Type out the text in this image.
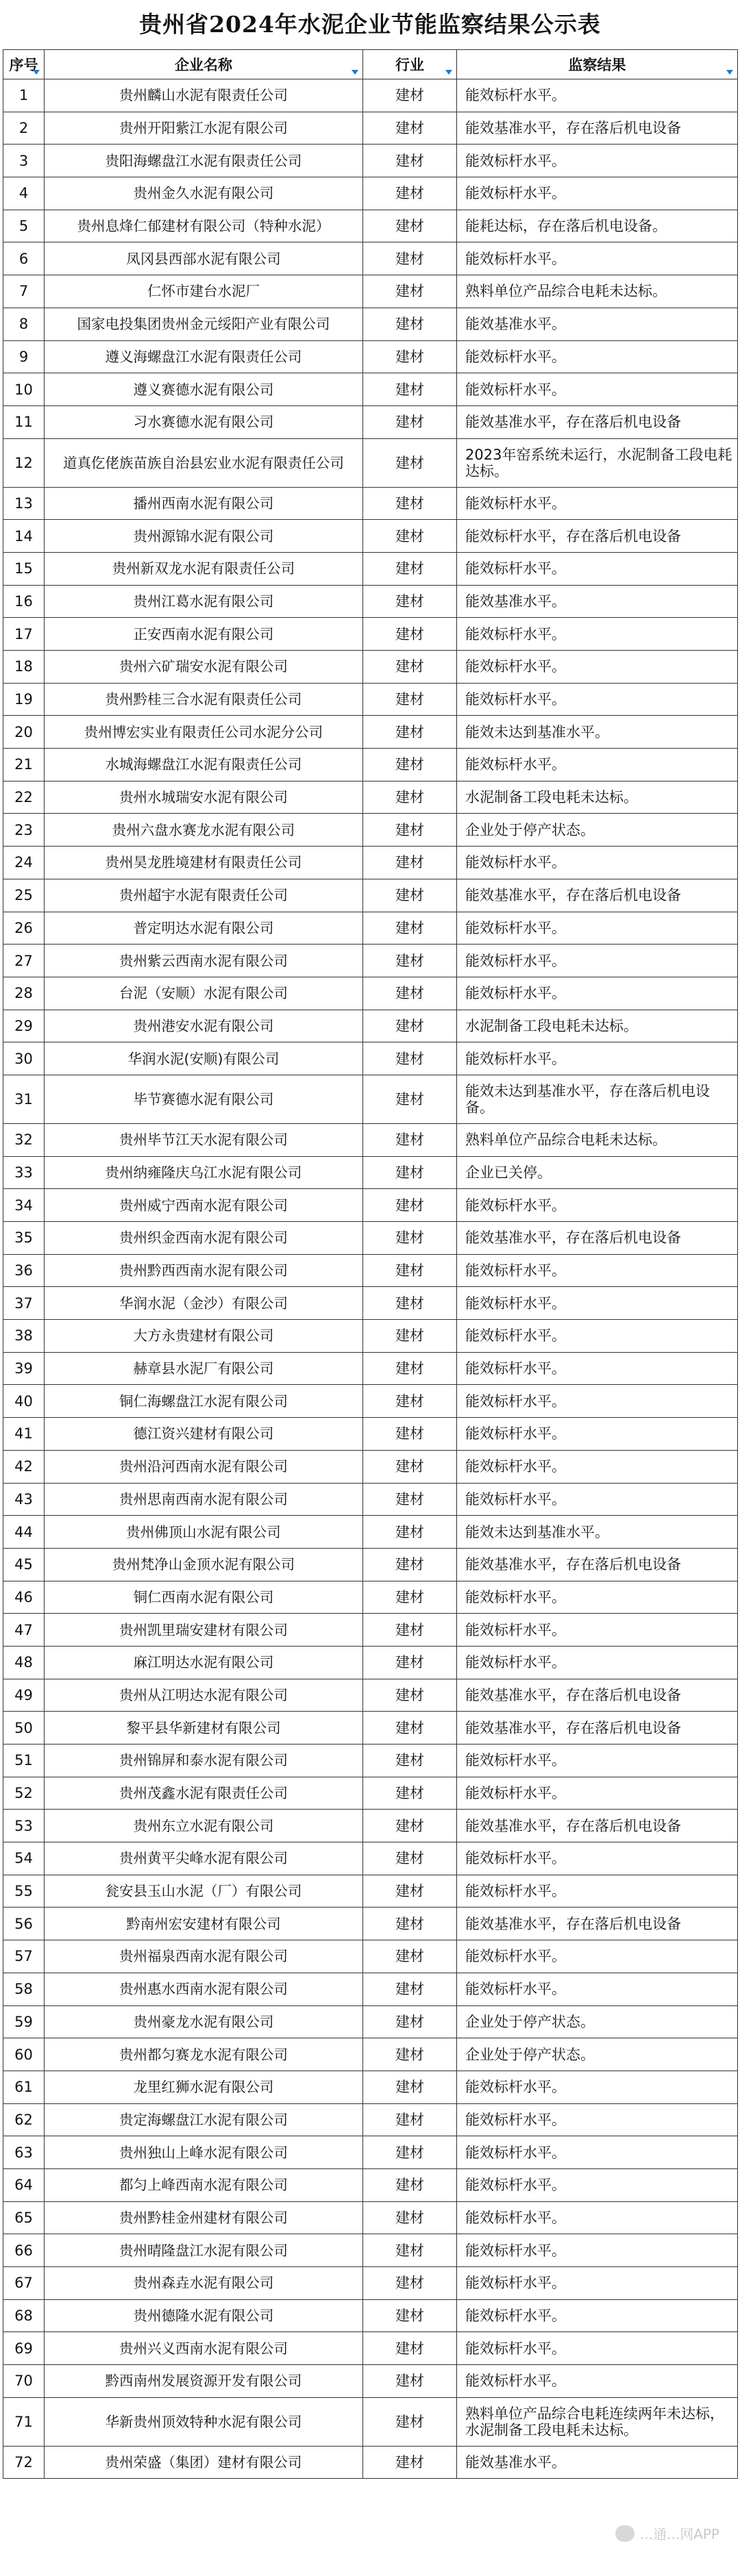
贵州省2024年水泥企业节能监察结果公示表
序号	企业名称	行业	监察结果

1	贵州麟山水泥有限责任公司	建材	能效标杆水平。
2	贵州开阳紫江水泥有限公司	建材	能效基准水平，存在落后机电设备
3	贵阳海螺盘江水泥有限责任公司	建材	能效标杆水平。
4	贵州金久水泥有限公司	建材	能效标杆水平。
5	贵州息烽仁郁建材有限公司（特种水泥）	建材	能耗达标，存在落后机电设备。
6	凤冈县西部水泥有限公司	建材	能效标杆水平。
7	仁怀市建台水泥厂	建材	熟料单位产品综合电耗未达标。
8	国家电投集团贵州金元绥阳产业有限公司	建材	能效基准水平。
9	遵义海螺盘江水泥有限责任公司	建材	能效标杆水平。
10	遵义赛德水泥有限公司	建材	能效标杆水平。
11	习水赛德水泥有限公司	建材	能效基准水平，存在落后机电设备
12	道真仡佬族苗族自治县宏业水泥有限责任公司	建材	2023年窑系统未运行，水泥制备工段电耗达标。
13	播州西南水泥有限公司	建材	能效标杆水平。
14	贵州源锦水泥有限公司	建材	能效标杆水平，存在落后机电设备
15	贵州新双龙水泥有限责任公司	建材	能效标杆水平。
16	贵州江葛水泥有限公司	建材	能效基准水平。
17	正安西南水泥有限公司	建材	能效标杆水平。
18	贵州六矿瑞安水泥有限公司	建材	能效标杆水平。
19	贵州黔桂三合水泥有限责任公司	建材	能效标杆水平。
20	贵州博宏实业有限责任公司水泥分公司	建材	能效未达到基准水平。
21	水城海螺盘江水泥有限责任公司	建材	能效标杆水平。
22	贵州水城瑞安水泥有限公司	建材	水泥制备工段电耗未达标。
23	贵州六盘水赛龙水泥有限公司	建材	企业处于停产状态。
24	贵州昊龙胜境建材有限责任公司	建材	能效标杆水平。
25	贵州超宇水泥有限责任公司	建材	能效基准水平，存在落后机电设备
26	普定明达水泥有限公司	建材	能效标杆水平。
27	贵州紫云西南水泥有限公司	建材	能效标杆水平。
28	台泥（安顺）水泥有限公司	建材	能效标杆水平。
29	贵州港安水泥有限公司	建材	水泥制备工段电耗未达标。
30	华润水泥(安顺)有限公司	建材	能效标杆水平。
31	毕节赛德水泥有限公司	建材	能效未达到基准水平，存在落后机电设备。
32	贵州毕节江天水泥有限公司	建材	熟料单位产品综合电耗未达标。
33	贵州纳雍隆庆乌江水泥有限公司	建材	企业已关停。
34	贵州威宁西南水泥有限公司	建材	能效标杆水平。
35	贵州织金西南水泥有限公司	建材	能效基准水平，存在落后机电设备
36	贵州黔西西南水泥有限公司	建材	能效标杆水平。
37	华润水泥（金沙）有限公司	建材	能效标杆水平。
38	大方永贵建材有限公司	建材	能效标杆水平。
39	赫章县水泥厂有限公司	建材	能效标杆水平。
40	铜仁海螺盘江水泥有限公司	建材	能效标杆水平。
41	德江资兴建材有限公司	建材	能效标杆水平。
42	贵州沿河西南水泥有限公司	建材	能效标杆水平。
43	贵州思南西南水泥有限公司	建材	能效标杆水平。
44	贵州佛顶山水泥有限公司	建材	能效未达到基准水平。
45	贵州梵净山金顶水泥有限公司	建材	能效基准水平，存在落后机电设备
46	铜仁西南水泥有限公司	建材	能效标杆水平。
47	贵州凯里瑞安建材有限公司	建材	能效标杆水平。
48	麻江明达水泥有限公司	建材	能效标杆水平。
49	贵州从江明达水泥有限公司	建材	能效基准水平，存在落后机电设备
50	黎平县华新建材有限公司	建材	能效基准水平，存在落后机电设备
51	贵州锦屏和泰水泥有限公司	建材	能效标杆水平。
52	贵州茂鑫水泥有限责任公司	建材	能效标杆水平。
53	贵州东立水泥有限公司	建材	能效基准水平，存在落后机电设备
54	贵州黄平尖峰水泥有限公司	建材	能效标杆水平。
55	瓮安县玉山水泥（厂）有限公司	建材	能效标杆水平。
56	黔南州宏安建材有限公司	建材	能效基准水平，存在落后机电设备
57	贵州福泉西南水泥有限公司	建材	能效标杆水平。
58	贵州惠水西南水泥有限公司	建材	能效标杆水平。
59	贵州豪龙水泥有限公司	建材	企业处于停产状态。
60	贵州都匀赛龙水泥有限公司	建材	企业处于停产状态。
61	龙里红狮水泥有限公司	建材	能效标杆水平。
62	贵定海螺盘江水泥有限公司	建材	能效标杆水平。
63	贵州独山上峰水泥有限公司	建材	能效标杆水平。
64	都匀上峰西南水泥有限公司	建材	能效标杆水平。
65	贵州黔桂金州建材有限公司	建材	能效标杆水平。
66	贵州晴隆盘江水泥有限公司	建材	能效标杆水平。
67	贵州森垚水泥有限公司	建材	能效标杆水平。
68	贵州德隆水泥有限公司	建材	能效标杆水平。
69	贵州兴义西南水泥有限公司	建材	能效标杆水平。
70	黔西南州发展资源开发有限公司	建材	能效标杆水平。
71	华新贵州顶效特种水泥有限公司	建材	熟料单位产品综合电耗连续两年未达标，水泥制备工段电耗未达标。
72	贵州荣盛（集团）建材有限公司	建材	能效基准水平。
...通...网APP
